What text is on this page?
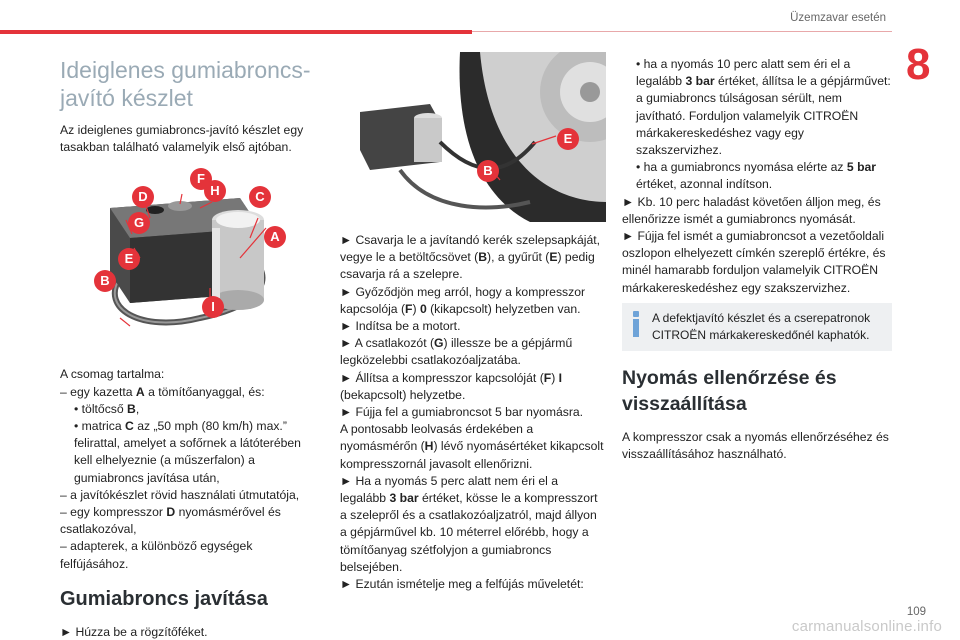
Üzemzavar esetén
8
Ideiglenes gumiabroncs-javító készlet

Az ideiglenes gumiabroncs-javító készlet egy tasakban található valamelyik első ajtóban.

F
H	C
D
G
A
E
B
I

A csomag tartalma:

– egy kazetta A a tömítőanyaggal, és:

• töltőcső B,

• matrica C az „50 mph (80 km/h) max.” felirattal, amelyet a sofőrnek a látóterében kell elhelyeznie (a műszerfalon) a gumiabroncs javítása után,

– a javítókészlet rövid használati útmutatója,

– egy kompresszor D nyomásmérővel és csatlakozóval,

– adapterek, a különböző egységek felfújásához.

Gumiabroncs javítása

► Húzza be a rögzítőféket.

E
B

► Csavarja le a javítandó kerék szelepsapkáját, vegye le a betöltőcsövet (B), a gyűrűt (E) pedig csavarja rá a szelepre.

► Győződjön meg arról, hogy a kompresszor kapcsolója (F) 0 (kikapcsolt) helyzetben van.

► Indítsa be a motort.

► A csatlakozót (G) illessze be a gépjármű legközelebbi csatlakozóaljzatába.

► Állítsa a kompresszor kapcsolóját (F) I (bekapcsolt) helyzetbe.

► Fújja fel a gumiabroncsot 5 bar nyomásra.

A pontosabb leolvasás érdekében a nyomásmérőn (H) lévő nyomásértéket kikapcsolt kompresszornál javasolt ellenőrizni.

► Ha a nyomás 5 perc alatt nem éri el a legalább 3 bar értéket, kösse le a kompresszort a szelepről és a csatlakozóaljzatról, majd állyon a gépjárművel kb. 10 méterrel előrébb, hogy a tömítőanyag szétfolyjon a gumiabroncs belsejében.

► Ezután ismételje meg a felfújás műveletét:

• ha a nyomás 10 perc alatt sem éri el a legalább 3 bar értéket, állítsa le a gépjárművet: a gumiabroncs túlságosan sérült, nem javítható. Forduljon valamelyik CITROËN márkakereskedéshez vagy egy szakszervizhez.

• ha a gumiabroncs nyomása elérte az 5 bar értéket, azonnal indítson.

► Kb. 10 perc haladást követően álljon meg, és ellenőrizze ismét a gumiabroncs nyomását.

► Fújja fel ismét a gumiabroncsot a vezetőoldali oszlopon elhelyezett címkén szereplő értékre, és minél hamarabb forduljon valamelyik CITROËN márkakereskedéshez egy szakszervizhez.

A defektjavító készlet és a cserepatronok CITROËN márkakereskedőnél kaphatók.
Nyomás ellenőrzése és visszaállítása

A kompresszor csak a nyomás ellenőrzéséhez és visszaállításához használható.

109
carmanualsonline.info
